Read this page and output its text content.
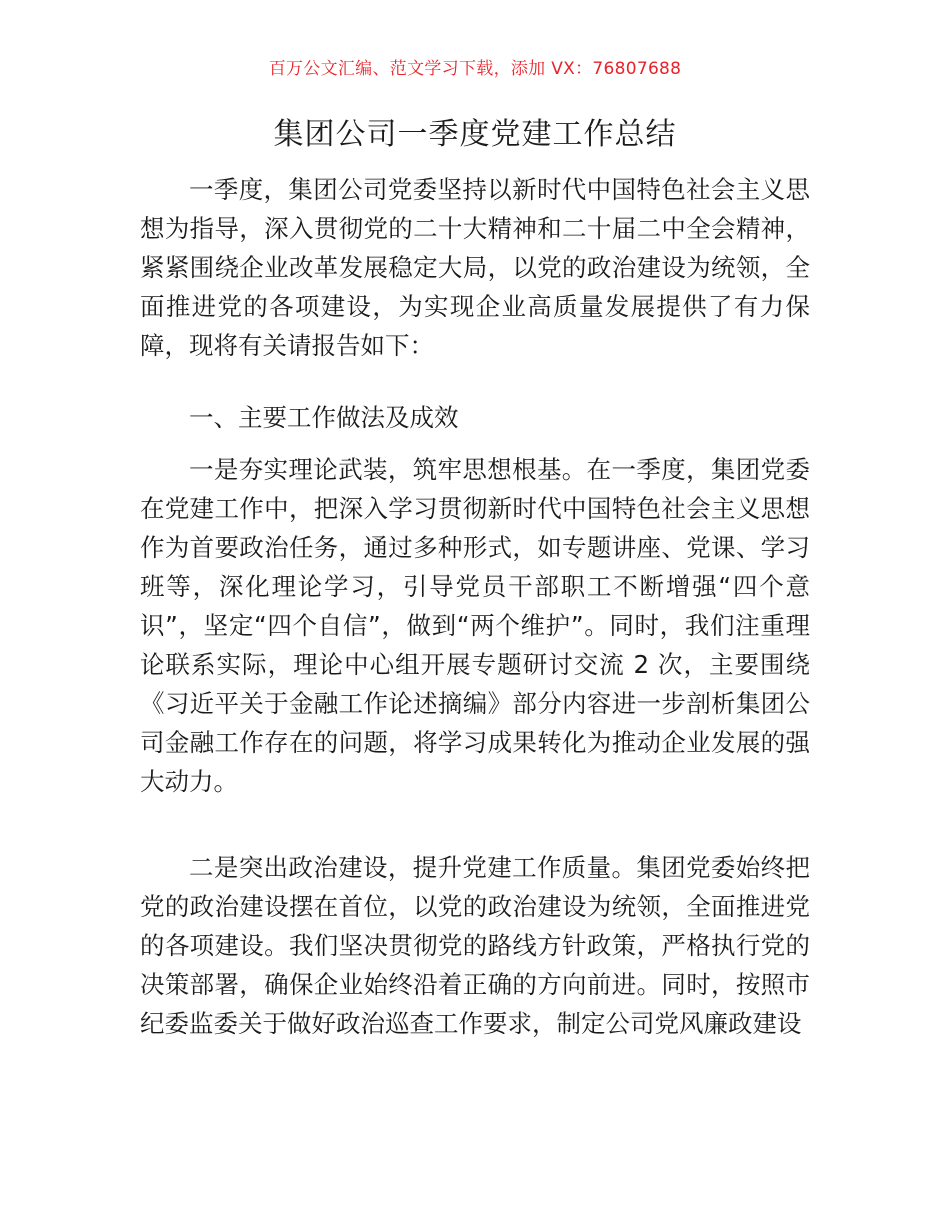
百万公文汇编、范文学习下载，添加 VX：76807688
集团公司一季度党建工作总结

一季度，集团公司党委坚持以新时代中国特色社会主义思想为指导，深入贯彻党的二十大精神和二十届二中全会精神，紧紧围绕企业改革发展稳定大局，以党的政治建设为统领，全面推进党的各项建设，为实现企业高质量发展提供了有力保障，现将有关请报告如下：

一、主要工作做法及成效

一是夯实理论武装，筑牢思想根基。在一季度，集团党委在党建工作中，把深入学习贯彻新时代中国特色社会主义思想作为首要政治任务，通过多种形式，如专题讲座、党课、学习班等，深化理论学习，引导党员干部职工不断增强“四个意识”，坚定“四个自信”，做到“两个维护”。同时，我们注重理论联系实际，理论中心组开展专题研讨交流 2 次，主要围绕《习近平关于金融工作论述摘编》部分内容进一步剖析集团公司金融工作存在的问题，将学习成果转化为推动企业发展的强大动力。

二是突出政治建设，提升党建工作质量。集团党委始终把党的政治建设摆在首位，以党的政治建设为统领，全面推进党的各项建设。我们坚决贯彻党的路线方针政策，严格执行党的决策部署，确保企业始终沿着正确的方向前进。同时，按照市纪委监委关于做好政治巡查工作要求，制定公司党风廉政建设
